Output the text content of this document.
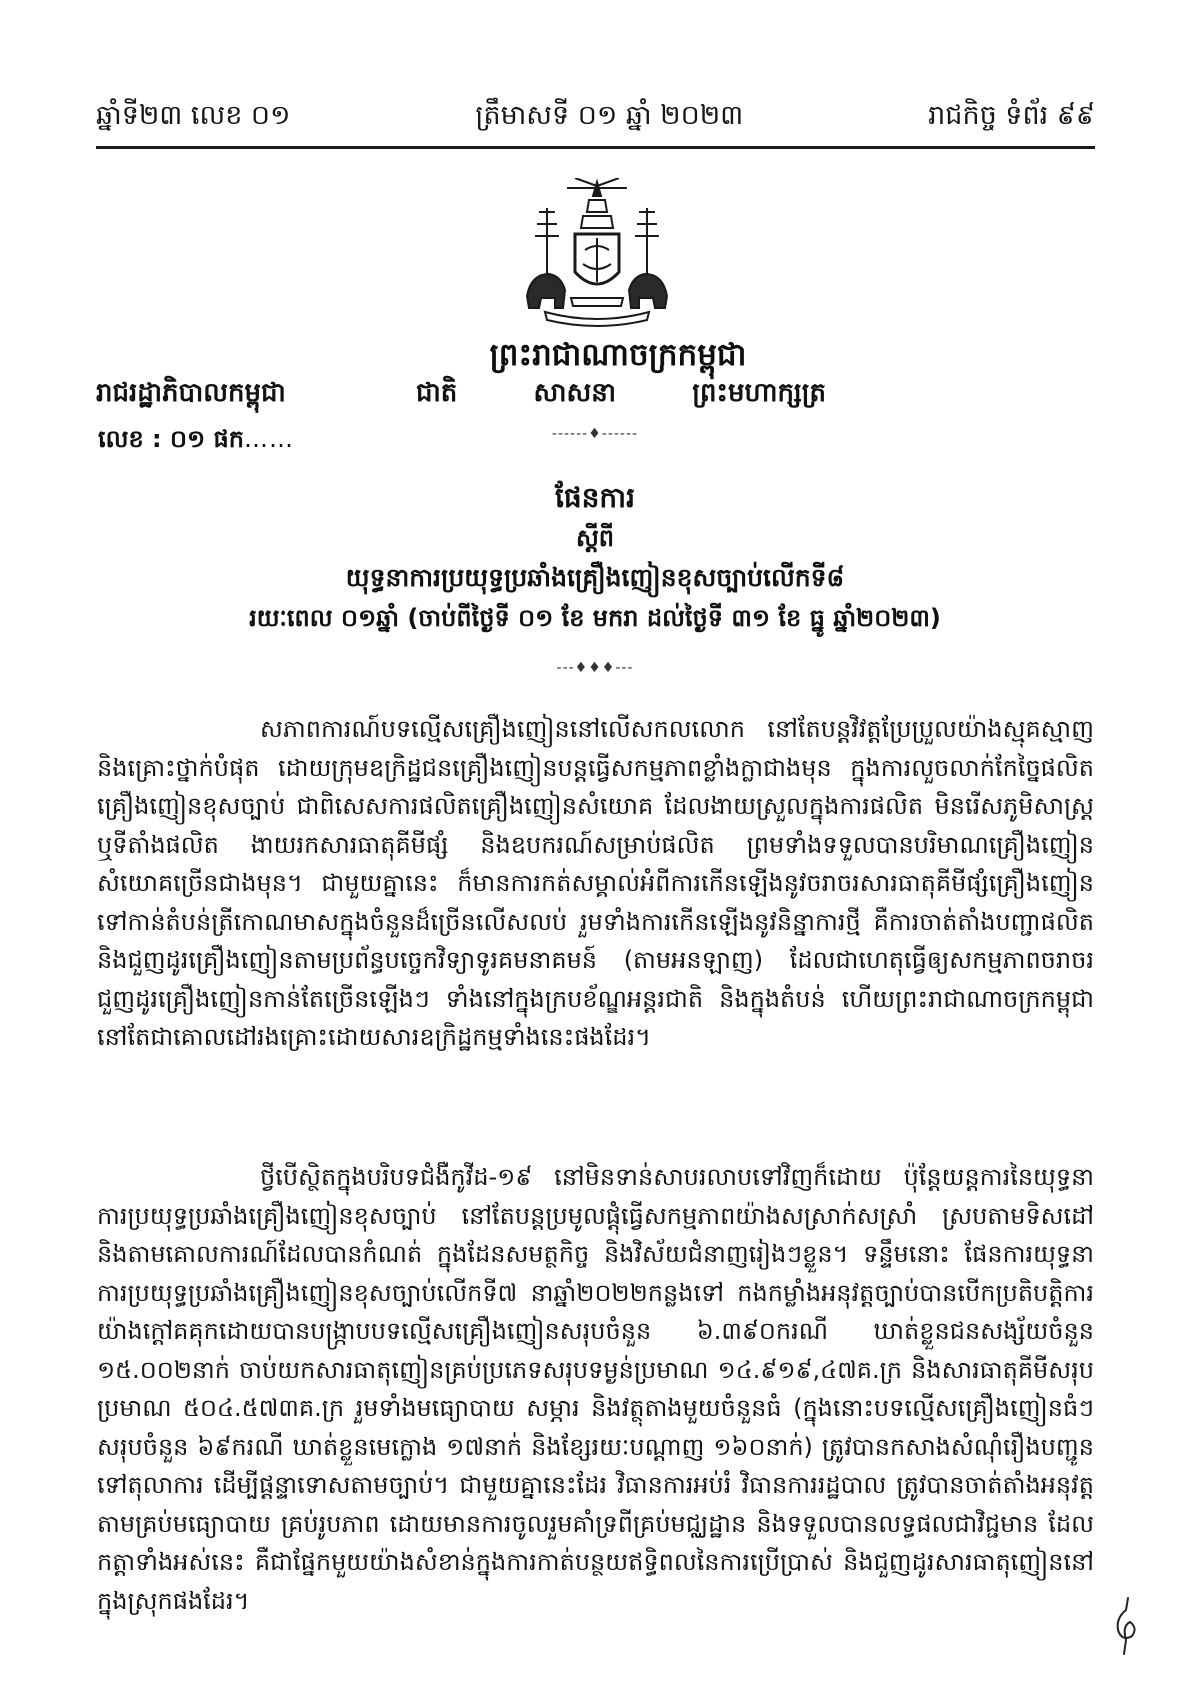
ឆ្នាំទី២៣ លេខ ០១	ត្រឹមាសទី ០១ ឆ្នាំ ២០២៣	រាជកិច្ច ទំព័រ ៩៩
ព្រះរាជាណាចក្រកម្ពុជា
រាជរដ្ឋាភិបាលកម្ពុជា	ជាតិ	សាសនា	ព្រះមហាក្សត្រ
------♦------
លេខ : ០១ ផក……
ផែនការ
ស្តីពី
យុទ្ធនាការប្រយុទ្ធប្រឆាំងគ្រឿងញៀនខុសច្បាប់លើកទី៨
រយៈពេល ០១ឆ្នាំ (ចាប់ពីថ្ងៃទី ០១ ខែ មករា ដល់ថ្ងៃទី ៣១ ខែ ធ្នូ ឆ្នាំ២០២៣)
---♦♦♦---

សភាពការណ៍បទល្មើសគ្រឿងញៀននៅលើសកលលោក នៅតែបន្តវិវត្តប្រែប្រួលយ៉ាងស្មុគស្មាញ និងគ្រោះថ្នាក់បំផុត ដោយក្រុមឧក្រិដ្ឋជនគ្រឿងញៀនបន្តធ្វើសកម្មភាពខ្លាំងក្លាជាងមុន ក្នុងការលួចលាក់កែច្នៃផលិតគ្រឿងញៀនខុសច្បាប់ ជាពិសេសការផលិតគ្រឿងញៀនសំយោគ ដែលងាយស្រួលក្នុងការផលិត មិនរើសភូមិសាស្ត្រ ឬទីតាំងផលិត ងាយរកសារធាតុគីមីផ្សំ និងឧបករណ៍សម្រាប់ផលិត ព្រមទាំងទទួលបានបរិមាណគ្រឿងញៀនសំយោគច្រើនជាងមុន។ ជាមួយគ្នានេះ ក៏មានការកត់សម្គាល់អំពីការកើនឡើងនូវចរាចរសារធាតុគីមីផ្សំគ្រឿងញៀនទៅកាន់តំបន់ត្រីកោណមាសក្នុងចំនួនដ៏ច្រើនលើសលប់ រួមទាំងការកើនឡើងនូវនិន្នាការថ្មី គឺការចាត់តាំងបញ្ជាផលិត និងជួញដូរគ្រឿងញៀនតាមប្រព័ន្ធបច្ចេកវិទ្យាទូរគមនាគមន៍ (តាមអនឡាញ) ដែលជាហេតុធ្វើឲ្យសកម្មភាពចរាចរ ជួញដូរគ្រឿងញៀនកាន់តែច្រើនឡើងៗ ទាំងនៅក្នុងក្របខ័ណ្ឌអន្តរជាតិ និងក្នុងតំបន់ ហើយព្រះរាជាណាចក្រកម្ពុជា នៅតែជាគោលដៅរងគ្រោះដោយសារឧក្រិដ្ឋកម្មទាំងនេះផងដែរ។

ថ្វីបើស្ថិតក្នុងបរិបទជំងឺកូវីដ-១៩ នៅមិនទាន់សាបរលាបទៅវិញក៏ដោយ ប៉ុន្តែយន្តការនៃយុទ្ធនាការប្រយុទ្ធប្រឆាំងគ្រឿងញៀនខុសច្បាប់ នៅតែបន្តប្រមូលផ្តុំធ្វើសកម្មភាពយ៉ាងសស្រាក់សស្រាំ ស្របតាមទិសដៅ និងតាមគោលការណ៍ដែលបានកំណត់ ក្នុងដែនសមត្ថកិច្ច និងវិស័យជំនាញរៀងៗខ្លួន។ ទន្ទឹមនោះ ផែនការយុទ្ធនាការប្រយុទ្ធប្រឆាំងគ្រឿងញៀនខុសច្បាប់លើកទី៧ នាឆ្នាំ២០២២កន្លងទៅ កងកម្លាំងអនុវត្តច្បាប់បានបើកប្រតិបត្តិការយ៉ាងក្តៅគគុកដោយបានបង្ក្រាបបទល្មើសគ្រឿងញៀនសរុបចំនួន ៦.៣៩០ករណី ឃាត់ខ្លួនជនសង្ស័យចំនួន ១៥.០០២នាក់ ចាប់យកសារធាតុញៀនគ្រប់ប្រភេទសរុបទម្ងន់ប្រមាណ ១៤.៩១៩,៤៧គ.ក្រ និងសារធាតុគីមីសរុបប្រមាណ ៥០៤.៥៧៣គ.ក្រ រួមទាំងមធ្យោបាយ សម្ភារ និងវត្ថុតាងមួយចំនួនធំ (ក្នុងនោះបទល្មើសគ្រឿងញៀនធំៗ សរុបចំនួន ៦៩ករណី ឃាត់ខ្លួនមេក្លោង ១៧នាក់ និងខ្សែរយៈបណ្តាញ ១៦០នាក់) ត្រូវបានកសាងសំណុំរឿងបញ្ជូនទៅតុលាការ ដើម្បីផ្តន្ទាទោសតាមច្បាប់។ ជាមួយគ្នានេះដែរ វិធានការអប់រំ វិធានការរដ្ឋបាល ត្រូវបានចាត់តាំងអនុវត្តតាមគ្រប់មធ្យោបាយ គ្រប់រូបភាព ដោយមានការចូលរួមគាំទ្រពីគ្រប់មជ្ឈដ្ឋាន និងទទួលបានលទ្ធផលជាវិជ្ជមាន ដែលកត្តាទាំងអស់នេះ គឺជាផ្នែកមួយយ៉ាងសំខាន់ក្នុងការកាត់បន្ថយឥទ្ធិពលនៃការប្រើប្រាស់ និងជួញដូរសារធាតុញៀននៅក្នុងស្រុកផងដែរ។
